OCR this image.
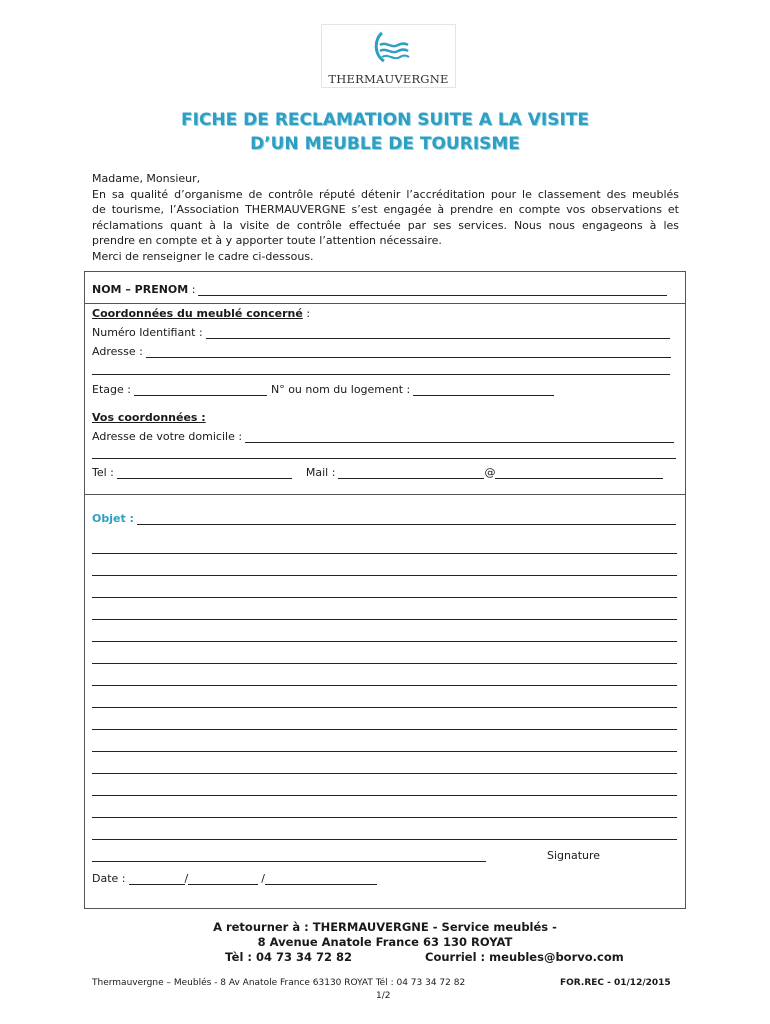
THERMAUVERGNE
FICHE DE RECLAMATION SUITE A LA VISITE
D’UN MEUBLE DE TOURISME
Madame, Monsieur,
En sa qualité d’organisme de contrôle réputé détenir l’accréditation pour le classement des meublés
de tourisme, l’Association THERMAUVERGNE s’est engagée à prendre en compte vos observations et
réclamations quant à la visite de contrôle effectuée par ses services. Nous nous engageons à les
prendre en compte et à y apporter toute l’attention nécessaire.
Merci de renseigner le cadre ci-dessous.
NOM – PRENOM :
Coordonnées du meublé concerné :
Numéro Identifiant :
Adresse :
Etage :	N° ou nom du logement :
Vos coordonnées :
Adresse de votre domicile :
Tel :	Mail :	@
Objet :
Signature
Date :	/	/
A retourner à : THERMAUVERGNE - Service meublés -
8 Avenue Anatole France 63 130 ROYAT
Tèl : 04 73 34 72 82	Courriel : meubles@borvo.com
Thermauvergne – Meublés - 8 Av Anatole France 63130 ROYAT Tél : 04 73 34 72 82	FOR.REC - 01/12/2015
1/2
